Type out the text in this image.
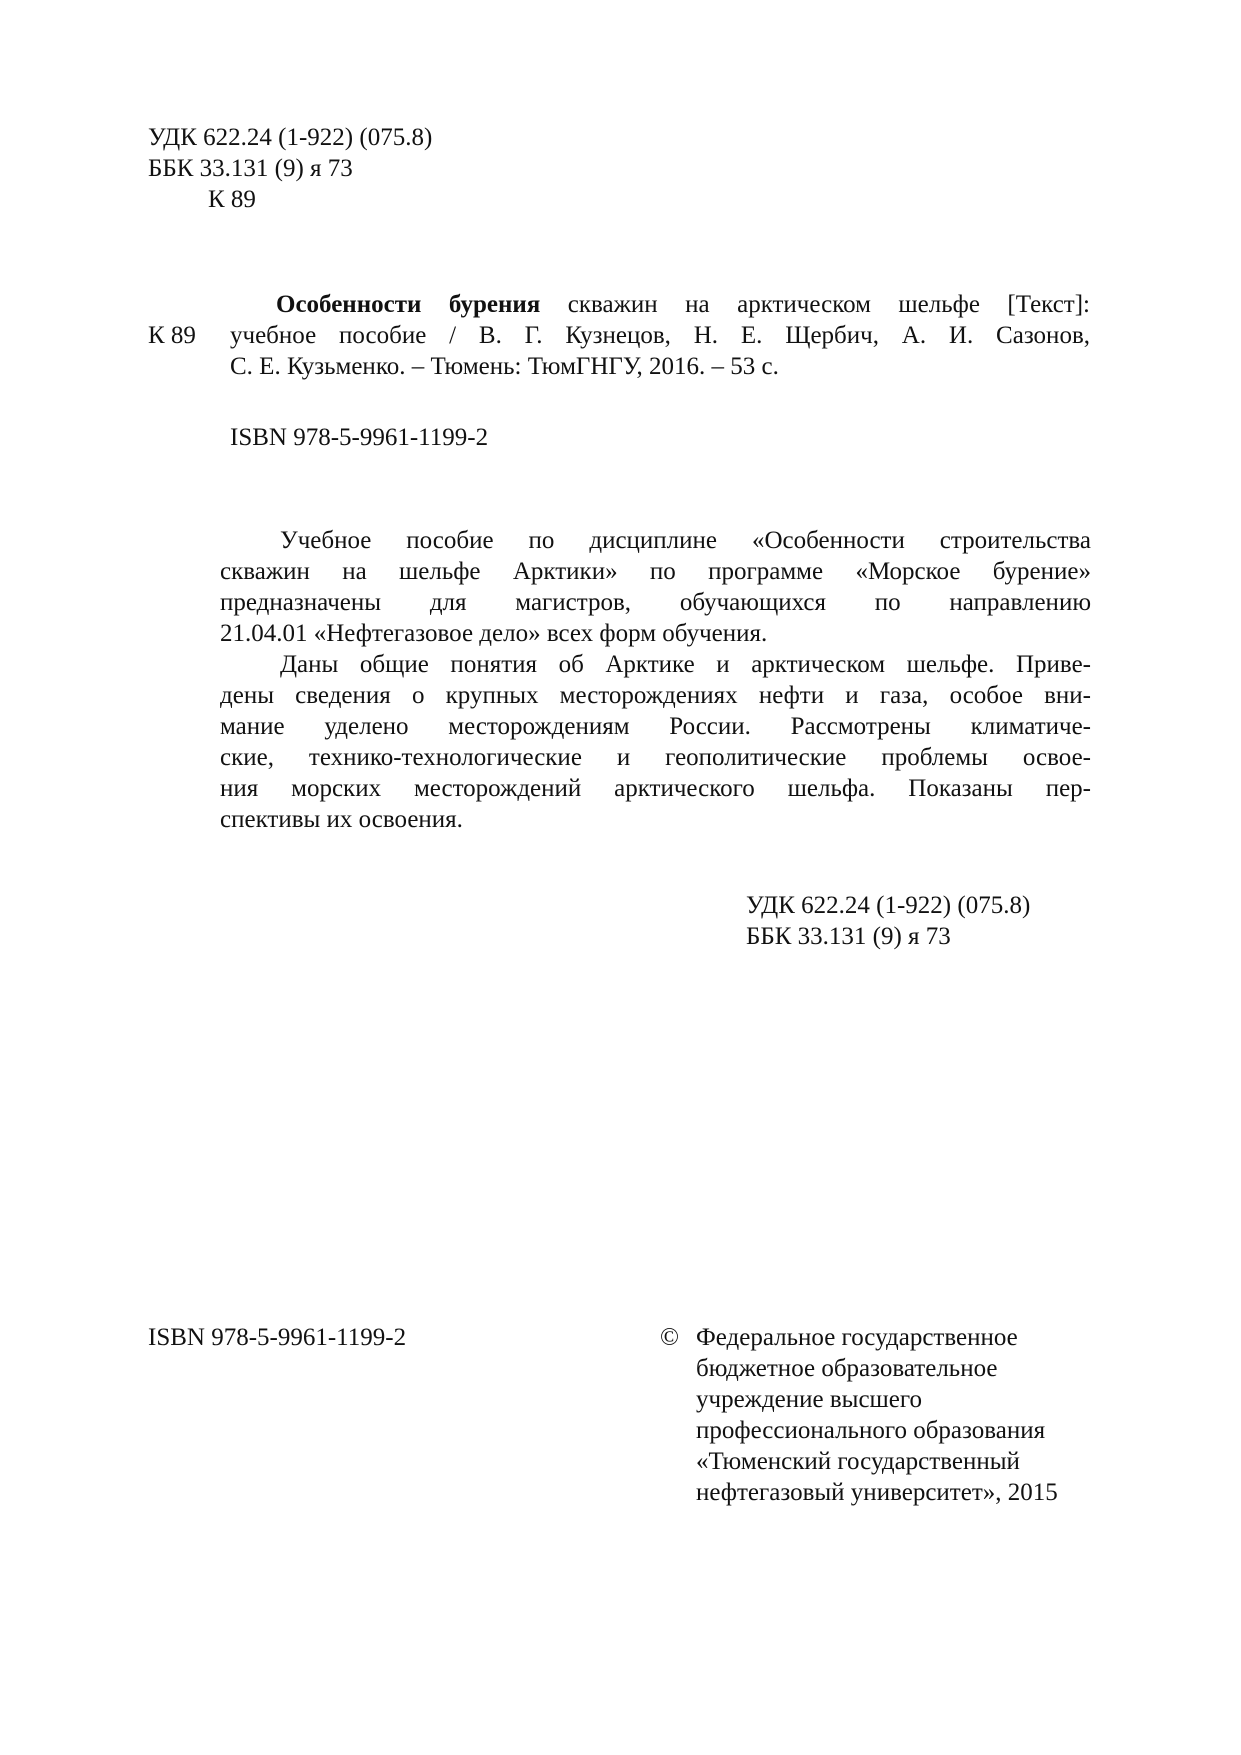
УДК 622.24 (1-922) (075.8)
ББК 33.131 (9) я 73
К 89
К 89
Особенности бурения скважин на арктическом шельфе [Текст]:
учебное пособие / В. Г. Кузнецов, Н. Е. Щербич, А. И. Сазонов,
С. Е. Кузьменко. – Тюмень: ТюмГНГУ, 2016. – 53 с.
ISBN 978-5-9961-1199-2
Учебное пособие по дисциплине «Особенности строительства
скважин на шельфе Арктики» по программе «Морское бурение»
предназначены для магистров, обучающихся по направлению
21.04.01 «Нефтегазовое дело» всех форм обучения.
Даны общие понятия об Арктике и арктическом шельфе. Приве-
дены сведения о крупных месторождениях нефти и газа, особое вни-
мание уделено месторождениям России. Рассмотрены климатиче-
ские, технико-технологические и геополитические проблемы освое-
ния морских месторождений арктического шельфа. Показаны пер-
спективы их освоения.
УДК 622.24 (1-922) (075.8)
ББК 33.131 (9) я 73
ISBN 978-5-9961-1199-2	© Федеральное государственное
бюджетное образовательное
учреждение высшего
профессионального образования
«Тюменский государственный
нефтегазовый университет», 2015
